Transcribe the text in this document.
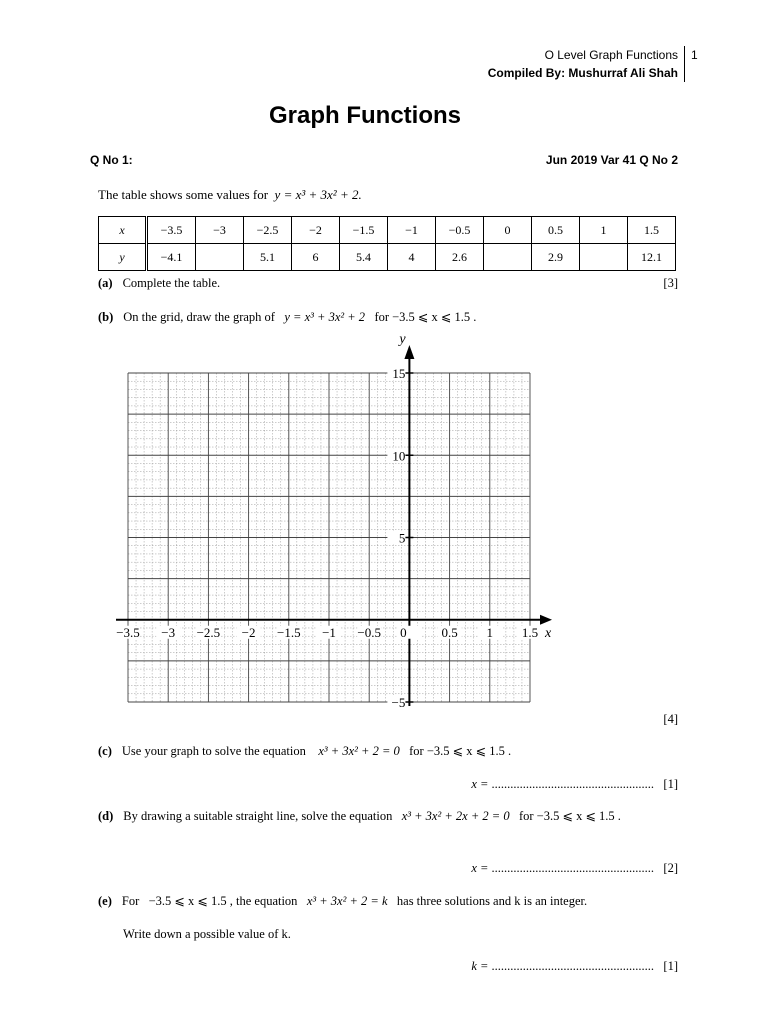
O Level Graph Functions
Compiled By: Mushurraf Ali Shah
1
Graph Functions
Q No 1:	Jun 2019 Var 41 Q No 2
The table shows some values for y = x³ + 3x² + 2.
x	−3.5	−3	−2.5	−2	−1.5	−1	−0.5	0	0.5	1	1.5
y	−4.1		5.1	6	5.4	4	2.6		2.9		12.1
(a) Complete the table.	[3]
(b) On the grid, draw the graph of y = x³ + 3x² + 2 for −3.5 ⩽ x ⩽ 1.5 .
−3.5 −3 −2.5 −2 −1.5 −1 −0.5 0	0.5 1 1.5
15
10
5
−5
x
y
[4]
(c) Use your graph to solve the equation x³ + 3x² + 2 = 0 for −3.5 ⩽ x ⩽ 1.5 .
x = .................................................... [1]
(d) By drawing a suitable straight line, solve the equation x³ + 3x² + 2x + 2 = 0 for −3.5 ⩽ x ⩽ 1.5 .
x = .................................................... [2]
(e) For −3.5 ⩽ x ⩽ 1.5 , the equation x³ + 3x² + 2 = k has three solutions and k is an integer.
Write down a possible value of k.
k = .................................................... [1]
